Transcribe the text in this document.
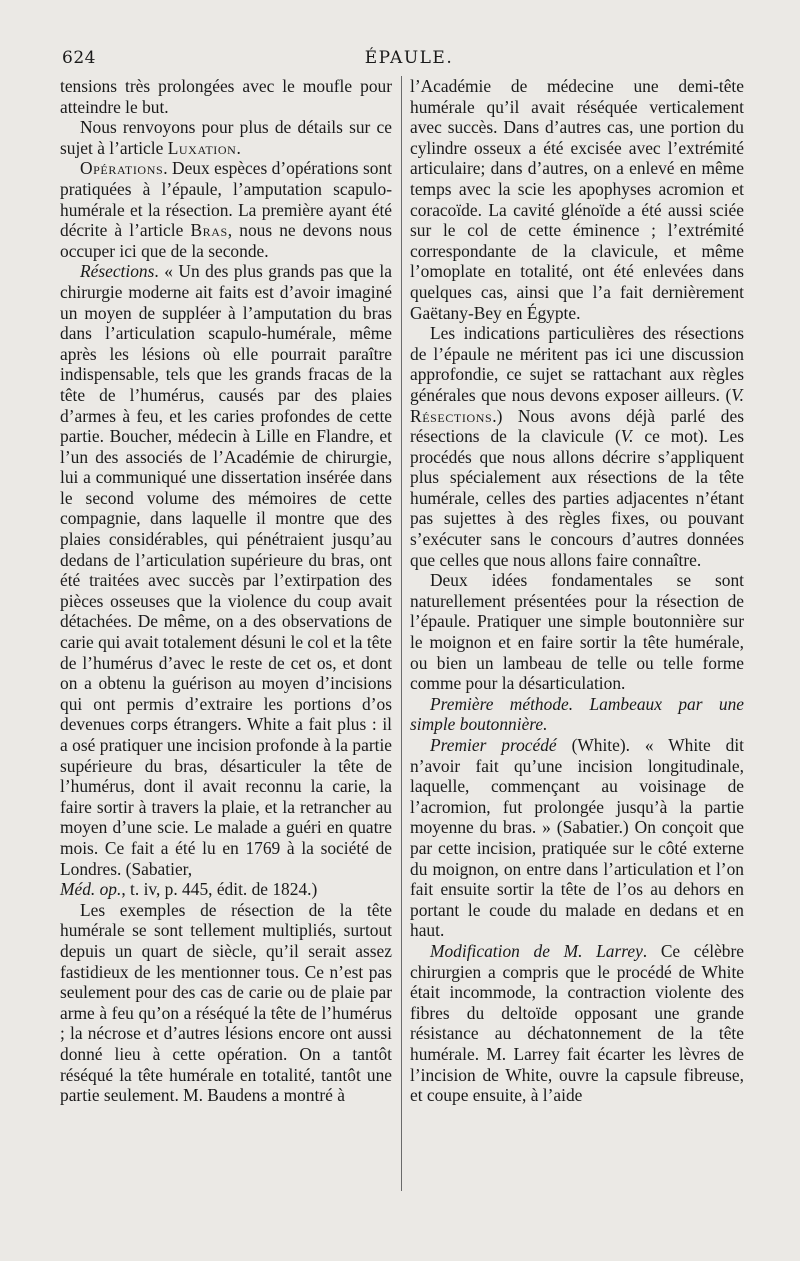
624	ÉPAULE.

tensions très prolongées avec le moufle pour atteindre le but.

Nous renvoyons pour plus de détails sur ce sujet à l’article Luxation.

Opérations. Deux espèces d’opérations sont pratiquées à l’épaule, l’amputation scapulo-humérale et la résection. La première ayant été décrite à l’article Bras, nous ne devons nous occuper ici que de la seconde.

Résections. « Un des plus grands pas que la chirurgie moderne ait faits est d’avoir imaginé un moyen de suppléer à l’amputation du bras dans l’articulation scapulo-humérale, même après les lésions où elle pourrait paraître indispensable, tels que les grands fracas de la tête de l’humérus, causés par des plaies d’armes à feu, et les caries profondes de cette partie. Boucher, médecin à Lille en Flandre, et l’un des associés de l’Académie de chirurgie, lui a communiqué une dissertation insérée dans le second volume des mémoires de cette compagnie, dans laquelle il montre que des plaies considérables, qui pénétraient jusqu’au dedans de l’articulation supérieure du bras, ont été traitées avec succès par l’extirpation des pièces osseuses que la violence du coup avait détachées. De même, on a des observations de carie qui avait totalement désuni le col et la tête de l’humérus d’avec le reste de cet os, et dont on a obtenu la guérison au moyen d’incisions qui ont permis d’extraire les portions d’os devenues corps étrangers. White a fait plus : il a osé pratiquer une incision profonde à la partie supérieure du bras, désarticuler la tête de l’humérus, dont il avait reconnu la carie, la faire sortir à travers la plaie, et la retrancher au moyen d’une scie. Le malade a guéri en quatre mois. Ce fait a été lu en 1769 à la société de Londres. (Sabatier,
Méd. op., t. iv, p. 445, édit. de 1824.)

Les exemples de résection de la tête humérale se sont tellement multipliés, surtout depuis un quart de siècle, qu’il serait assez fastidieux de les mentionner tous. Ce n’est pas seulement pour des cas de carie ou de plaie par arme à feu qu’on a réséqué la tête de l’humérus ; la nécrose et d’autres lésions encore ont aussi donné lieu à cette opération. On a tantôt réséqué la tête humérale en totalité, tantôt une partie seulement. M. Baudens a montré à

l’Académie de médecine une demi-tête humérale qu’il avait réséquée verticalement avec succès. Dans d’autres cas, une portion du cylindre osseux a été excisée avec l’extrémité articulaire; dans d’autres, on a enlevé en même temps avec la scie les apophyses acromion et coracoïde. La cavité glénoïde a été aussi sciée sur le col de cette éminence ; l’extrémité correspondante de la clavicule, et même l’omoplate en totalité, ont été enlevées dans quelques cas, ainsi que l’a fait dernièrement Gaëtany-Bey en Égypte.

Les indications particulières des résections de l’épaule ne méritent pas ici une discussion approfondie, ce sujet se rattachant aux règles générales que nous devons exposer ailleurs. (V. Résections.) Nous avons déjà parlé des résections de la clavicule (V. ce mot). Les procédés que nous allons décrire s’appliquent plus spécialement aux résections de la tête humérale, celles des parties adjacentes n’étant pas sujettes à des règles fixes, ou pouvant s’exécuter sans le concours d’autres données que celles que nous allons faire connaître.

Deux idées fondamentales se sont naturellement présentées pour la résection de l’épaule. Pratiquer une simple boutonnière sur le moignon et en faire sortir la tête humérale, ou bien un lambeau de telle ou telle forme comme pour la désarticulation.

Première méthode. Lambeaux par une simple boutonnière.

Premier procédé (White). « White dit n’avoir fait qu’une incision longitudinale, laquelle, commençant au voisinage de l’acromion, fut prolongée jusqu’à la partie moyenne du bras. » (Sabatier.) On conçoit que par cette incision, pratiquée sur le côté externe du moignon, on entre dans l’articulation et l’on fait ensuite sortir la tête de l’os au dehors en portant le coude du malade en dedans et en haut.

Modification de M. Larrey. Ce célèbre chirurgien a compris que le procédé de White était incommode, la contraction violente des fibres du deltoïde opposant une grande résistance au déchatonnement de la tête humérale. M. Larrey fait écarter les lèvres de l’incision de White, ouvre la capsule fibreuse, et coupe ensuite, à l’aide
